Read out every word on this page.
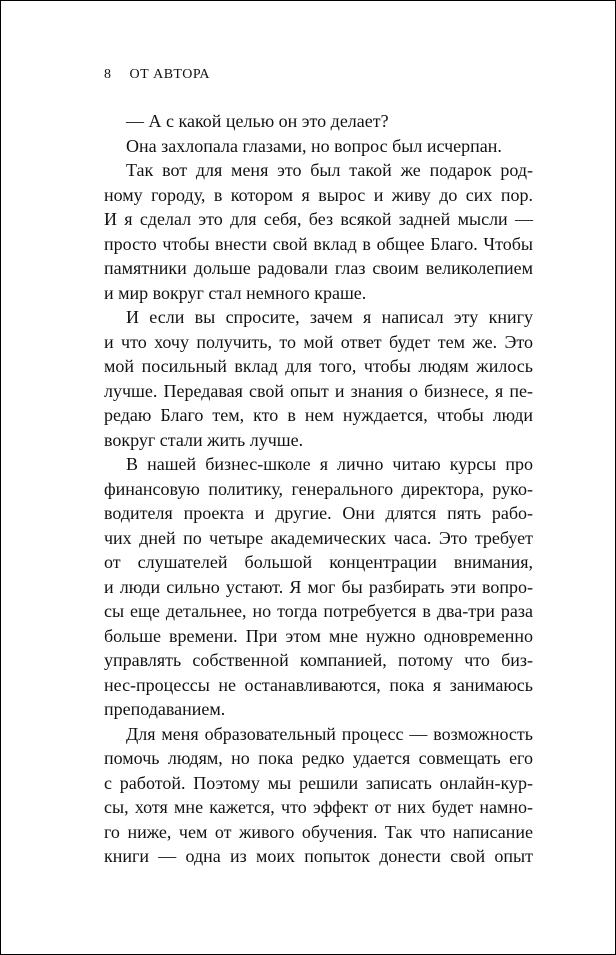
8 ОТ АВТОРА

— А с какой целью он это делает?

Она захлопала глазами, но вопрос был исчерпан.

Так вот для меня это был такой же подарок род-
ному городу, в котором я вырос и живу до сих пор.
И я сделал это для себя, без всякой задней мысли —
просто чтобы внести свой вклад в общее Благо. Чтобы
памятники дольше радовали глаз своим великолепием
и мир вокруг стал немного краше.

И если вы спросите, зачем я написал эту книгу
и что хочу получить, то мой ответ будет тем же. Это
мой посильный вклад для того, чтобы людям жилось
лучше. Передавая свой опыт и знания о бизнесе, я пе-
редаю Благо тем, кто в нем нуждается, чтобы люди
вокруг стали жить лучше.

В нашей бизнес-школе я лично читаю курсы про
финансовую политику, генерального директора, руко-
водителя проекта и другие. Они длятся пять рабо-
чих дней по четыре академических часа. Это требует
от слушателей большой концентрации внимания,
и люди сильно устают. Я мог бы разбирать эти вопро-
сы еще детальнее, но тогда потребуется в два-три раза
больше времени. При этом мне нужно одновременно
управлять собственной компанией, потому что биз-
нес-процессы не останавливаются, пока я занимаюсь
преподаванием.

Для меня образовательный процесс — возможность
помочь людям, но пока редко удается совмещать его
с работой. Поэтому мы решили записать онлайн-кур-
сы, хотя мне кажется, что эффект от них будет намно-
го ниже, чем от живого обучения. Так что написание
книги — одна из моих попыток донести свой опыт
